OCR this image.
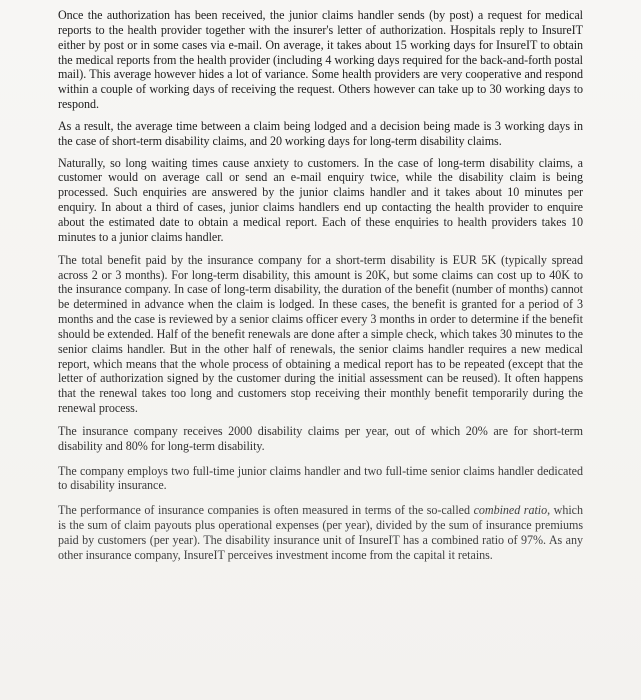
Once the authorization has been received, the junior claims handler sends (by post) a request for medical reports to the health provider together with the insurer's letter of authorization. Hospitals reply to InsureIT either by post or in some cases via e-mail. On average, it takes about 15 working days for InsureIT to obtain the medical reports from the health provider (including 4 working days required for the back-and-forth postal mail). This average however hides a lot of variance. Some health providers are very cooperative and respond within a couple of working days of receiving the request. Others however can take up to 30 working days to respond.

As a result, the average time between a claim being lodged and a decision being made is 3 working days in the case of short-term disability claims, and 20 working days for long-term disability claims.

Naturally, so long waiting times cause anxiety to customers. In the case of long-term disability claims, a customer would on average call or send an e-mail enquiry twice, while the disability claim is being processed. Such enquiries are answered by the junior claims handler and it takes about 10 minutes per enquiry. In about a third of cases, junior claims handlers end up contacting the health provider to enquire about the estimated date to obtain a medical report. Each of these enquiries to health providers takes 10 minutes to a junior claims handler.

The total benefit paid by the insurance company for a short-term disability is EUR 5K (typically spread across 2 or 3 months). For long-term disability, this amount is 20K, but some claims can cost up to 40K to the insurance company. In case of long-term disability, the duration of the benefit (number of months) cannot be determined in advance when the claim is lodged. In these cases, the benefit is granted for a period of 3 months and the case is reviewed by a senior claims officer every 3 months in order to determine if the benefit should be extended. Half of the benefit renewals are done after a simple check, which takes 30 minutes to the senior claims handler. But in the other half of renewals, the senior claims handler requires a new medical report, which means that the whole process of obtaining a medical report has to be repeated (except that the letter of authorization signed by the customer during the initial assessment can be reused). It often happens that the renewal takes too long and customers stop receiving their monthly benefit temporarily during the renewal process.

The insurance company receives 2000 disability claims per year, out of which 20% are for short-term disability and 80% for long-term disability.

The company employs two full-time junior claims handler and two full-time senior claims handler dedicated to disability insurance.

The performance of insurance companies is often measured in terms of the so-called combined ratio, which is the sum of claim payouts plus operational expenses (per year), divided by the sum of insurance premiums paid by customers (per year). The disability insurance unit of InsureIT has a combined ratio of 97%. As any other insurance company, InsureIT perceives investment income from the capital it retains.
